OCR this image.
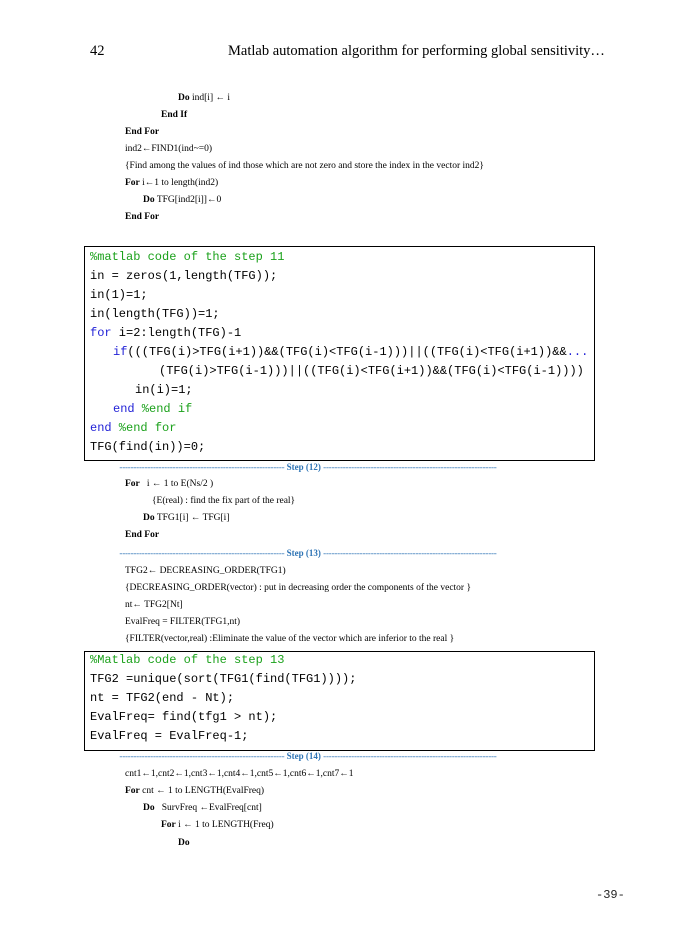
42	Matlab automation algorithm for performing global sensitivity…
Do ind[i] ← i
End If
End For
ind2←FIND1(ind~=0)
{Find among the values of ind those which are not zero and store the index in the vector ind2}
For i←1 to length(ind2)
Do TFG[ind2[i]]←0
End For
%matlab code of the step 11
in = zeros(1,length(TFG));
in(1)=1;
in(length(TFG))=1;
for i=2:length(TFG)-1
if(((TFG(i)>TFG(i+1))&&(TFG(i)<TFG(i-1)))||((TFG(i)<TFG(i+1))&&...
(TFG(i)>TFG(i-1)))||((TFG(i)<TFG(i+1))&&(TFG(i)<TFG(i-1))))
in(i)=1;
end %end if
end %end for
TFG(find(in))=0;
----------------------------------------------------------- Step (12) --------------------------------------------------------------
For   i ← 1 to E(Ns/2 )
{E(real) : find the fix part of the real}
Do TFG1[i] ← TFG[i]
End For
----------------------------------------------------------- Step (13) --------------------------------------------------------------
TFG2← DECREASING_ORDER(TFG1)
{DECREASING_ORDER(vector) : put in decreasing order the components of the vector }
nt← TFG2[Nt]
EvalFreq = FILTER(TFG1,nt)
{FILTER(vector,real) :Eliminate the value of the vector which are inferior to the real }
%Matlab code of the step 13
TFG2 =unique(sort(TFG1(find(TFG1))));
nt = TFG2(end - Nt);
EvalFreq= find(tfg1 > nt);
EvalFreq = EvalFreq-1;
----------------------------------------------------------- Step (14) --------------------------------------------------------------
cnt1←1,cnt2←1,cnt3←1,cnt4←1,cnt5←1,cnt6←1,cnt7←1
For cnt ← 1 to LENGTH(EvalFreq)
Do   SurvFreq ←EvalFreq[cnt]
For i ← 1 to LENGTH(Freq)
Do
-39-
